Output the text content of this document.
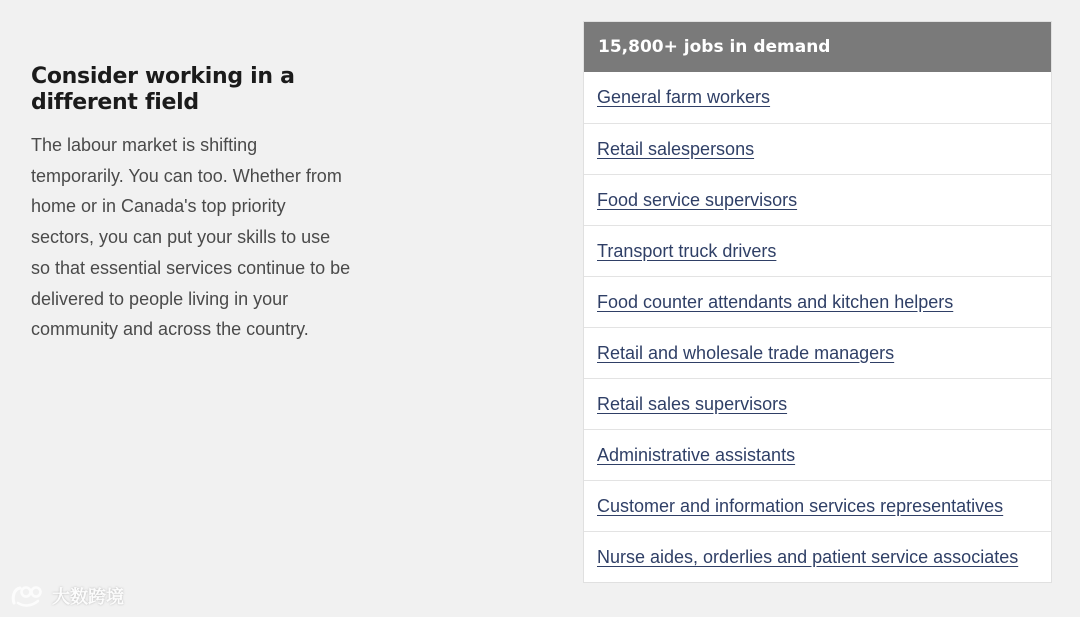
Consider working in a different field

The labour market is shifting temporarily. You can too. Whether from home or in Canada's top priority sectors, you can put your skills to use so that essential services continue to be delivered to people living in your community and across the country.

15,800+ jobs in demand
General farm workers
Retail salespersons
Food service supervisors
Transport truck drivers
Food counter attendants and kitchen helpers
Retail and wholesale trade managers
Retail sales supervisors
Administrative assistants
Customer and information services representatives
Nurse aides, orderlies and patient service associates
大数跨境
